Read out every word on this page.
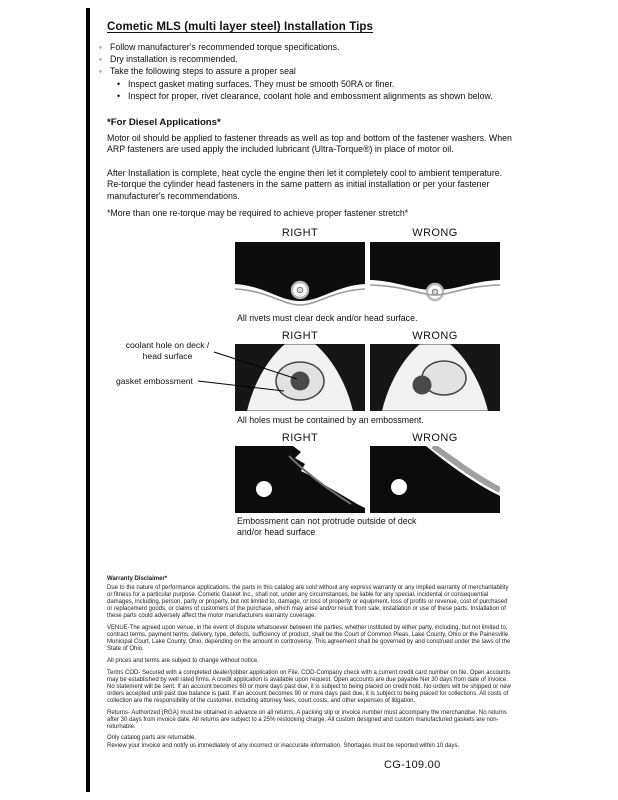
Cometic MLS (multi layer steel) Installation Tips
◦ Follow manufacturer's recommended torque specifications.
◦ Dry installation is recommended.
◦ Take the following steps to assure a proper seal
• Inspect gasket mating surfaces. They must be smooth 50RA or finer.
• Inspect for proper, rivet clearance, coolant hole and embossment alignments as shown below.
*For Diesel Applications*
Motor oil should be applied to fastener threads as well as top and bottom of the fastener washers. When ARP fasteners are used apply the included lubricant (Ultra-Torque®) in place of motor oil.
After Installation is complete, heat cycle the engine then let it completely cool to ambient temperature. Re-torque the cylinder head fasteners in the same pattern as initial installation or per your fastener manufacturer's recommendations.
*More than one re-torque may be required to achieve proper fastener stretch*
RIGHT	WRONG
All rivets must clear deck and/or head surface.
RIGHT	WRONG
coolant hole on deck / head surface
gasket embossment
All holes must be contained by an embossment.
RIGHT	WRONG
Embossment can not protrude outside of deck and/or head surface

Warranty Disclaimer*

Due to the nature of performance applications, the parts in this catalog are sold without any express warranty or any implied warranty of merchantability or fitness for a particular purpose. Cometic Gasket Inc., shall not, under any circumstances, be liable for any special, incidental or consequential damages, including, person, party or property, but not limited to, damage, or loss of property or equipment, loss of profits or revenue, cost of purchased or replacement goods, or claims of customers of the purchase, which may arise and/or result from sale, installation or use of these parts. Installation of these parts could adversely affect the motor manufacturers warranty coverage.

VENUE-The agreed upon venue, in the event of dispute whatsoever between the parties, whether instituted by either party, including, but not limited to, contract terms, payment terms, delivery, type, defects, sufficiency of product, shall be the Court of Common Pleas, Lake County, Ohio or the Painesville Municipal Court, Lake County, Ohio, depending on the amount in controversy. This agreement shall be governed by and construed under the laws of the State of Ohio.

All prices and terms are subject to change without notice.

Terms COD- Secured with a completed dealer/jobber application on File, COD-Company check with a current credit card number on file. Open accounts may be established by well rated firms. A credit application is available upon request. Open accounts are due payable Net 30 days from date of invoice. No statement will be sent. If an account becomes 60 or more days past due, it is subject to being placed on credit hold. No orders will be shipped or new orders accepted until past due balance is paid. If an account becomes 90 or more days past due, it is subject to being placed for collections. All costs of collection are the responsibility of the customer, including attorney fees, court costs, and other expenses of litigation.

Returns- Authorized (RGA) must be obtained in advance on all returns. A packing slip or invoice number must accompany the merchandise. No returns after 30 days from invoice date. All returns are subject to a 25% restocking charge. All custom designed and custom manufactured gaskets are non-returnable.

Only catalog parts are returnable.

Review your invoice and notify us immediately of any incorrect or inaccurate information. Shortages must be reported within 10 days.

CG-109.00
